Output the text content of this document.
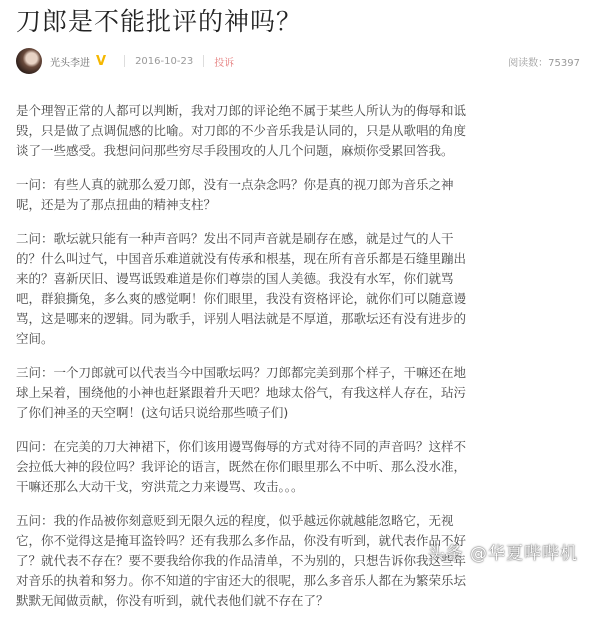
刀郎是不能批评的神吗？
光头李进 V	2016-10-23 投诉	阅读数：75397

是个理智正常的人都可以判断，我对刀郎的评论绝不属于某些人所认为的侮辱和诋毁，只是做了点调侃感的比喻。对刀郎的不少音乐我是认同的，只是从歌唱的角度谈了一些感受。我想问问那些穷尽手段围攻的人几个问题，麻烦你受累回答我。

一问：有些人真的就那么爱刀郎，没有一点杂念吗？你是真的视刀郎为音乐之神呢，还是为了那点扭曲的精神支柱？

二问：歌坛就只能有一种声音吗？发出不同声音就是刷存在感，就是过气的人干的？什么叫过气，中国音乐难道就没有传承和根基，现在所有音乐都是石缝里蹦出来的？喜新厌旧、谩骂诋毁难道是你们尊崇的国人美德。我没有水军，你们就骂吧，群狼撕兔，多么爽的感觉啊！你们眼里，我没有资格评论，就你们可以随意谩骂，这是哪来的逻辑。同为歌手，评别人唱法就是不厚道，那歌坛还有没有进步的空间。

三问：一个刀郎就可以代表当今中国歌坛吗？刀郎都完美到那个样子，干嘛还在地球上呆着，围绕他的小神也赶紧跟着升天吧？地球太俗气，有我这样人存在，玷污了你们神圣的天空啊！(这句话只说给那些喷子们)

四问：在完美的刀大神裙下，你们该用谩骂侮辱的方式对待不同的声音吗？这样不会拉低大神的段位吗？我评论的语言，既然在你们眼里那么不中听、那么没水准，干嘛还那么大动干戈，穷洪荒之力来谩骂、攻击。。。

五问：我的作品被你刻意贬到无限久远的程度，似乎越远你就越能忽略它，无视它，你不觉得这是掩耳盗铃吗？还有我那么多作品，你没有听到，就代表作品不好了？就代表不存在？要不要我给你我的作品清单，不为别的，只想告诉你我这些年对音乐的执着和努力。你不知道的宇宙还大的很呢，那么多音乐人都在为繁荣乐坛默默无闻做贡献，你没有听到，就代表他们就不存在了？

头条 @华夏哔哔机
